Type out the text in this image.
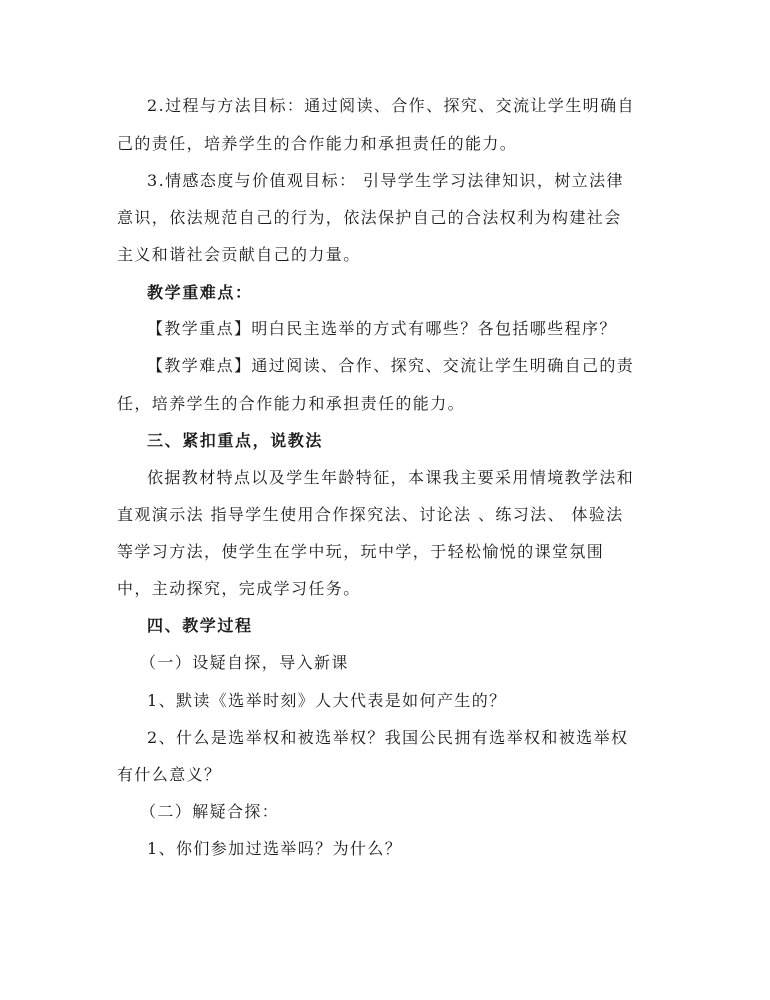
2.过程与方法目标：通过阅读、合作、探究、交流让学生明确自

己的责任，培养学生的合作能力和承担责任的能力。

3.情感态度与价值观目标： 引导学生学习法律知识，树立法律

意识，依法规范自己的行为，依法保护自己的合法权利为构建社会

主义和谐社会贡献自己的力量。

教学重难点：

【教学重点】明白民主选举的方式有哪些？各包括哪些程序？

【教学难点】通过阅读、合作、探究、交流让学生明确自己的责

任，培养学生的合作能力和承担责任的能力。

三、紧扣重点，说教法

依据教材特点以及学生年龄特征，本课我主要采用情境教学法和

直观演示法 指导学生使用合作探究法、讨论法 、练习法、 体验法

等学习方法，使学生在学中玩，玩中学，于轻松愉悦的课堂氛围

中，主动探究，完成学习任务。

四、教学过程

（一）设疑自探，导入新课

1、默读《选举时刻》人大代表是如何产生的？

2、什么是选举权和被选举权？我国公民拥有选举权和被选举权

有什么意义？

（二）解疑合探：

1、你们参加过选举吗？为什么？
